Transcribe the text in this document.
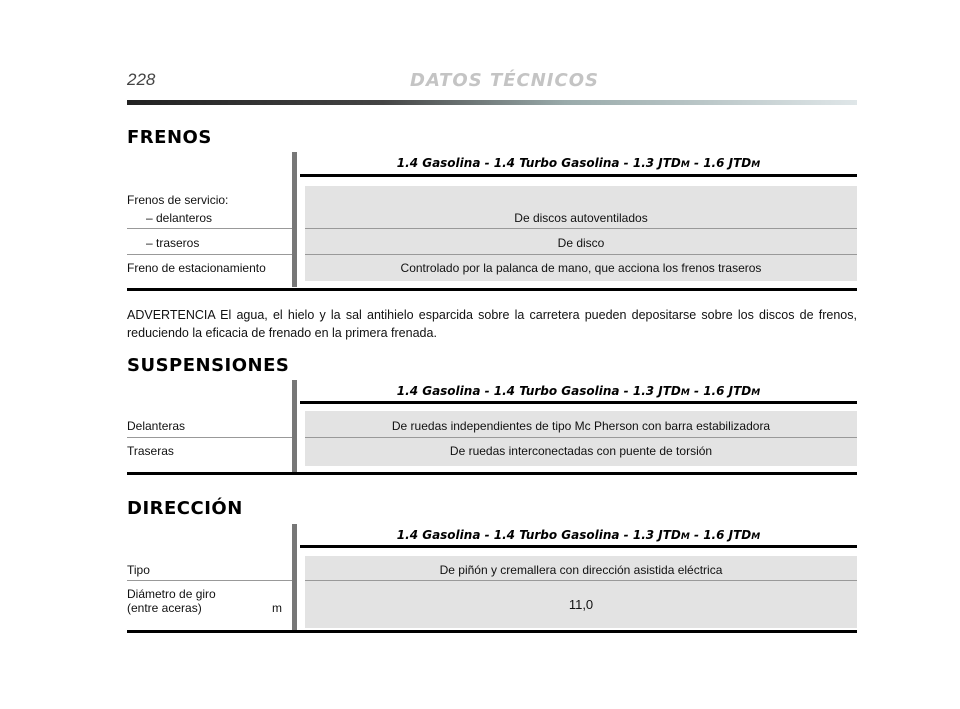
228	DATOS TÉCNICOS
FRENOS
1.4 Gasolina - 1.4 Turbo Gasolina - 1.3 JTDM - 1.6 JTDM
Frenos de servicio:
– delanteros	De discos autoventilados
– traseros	De disco
Freno de estacionamiento	Controlado por la palanca de mano, que acciona los frenos traseros
ADVERTENCIA El agua, el hielo y la sal antihielo esparcida sobre la carretera pueden depositarse sobre los discos de frenos, reduciendo la eficacia de frenado en la primera frenada.
SUSPENSIONES
1.4 Gasolina - 1.4 Turbo Gasolina - 1.3 JTDM - 1.6 JTDM
Delanteras	De ruedas independientes de tipo Mc Pherson con barra estabilizadora
Traseras	De ruedas interconectadas con puente de torsión
DIRECCIÓN
1.4 Gasolina - 1.4 Turbo Gasolina - 1.3 JTDM - 1.6 JTDM
Tipo	De piñón y cremallera con dirección asistida eléctrica
Diámetro de giro
(entre aceras)	m	11,0
